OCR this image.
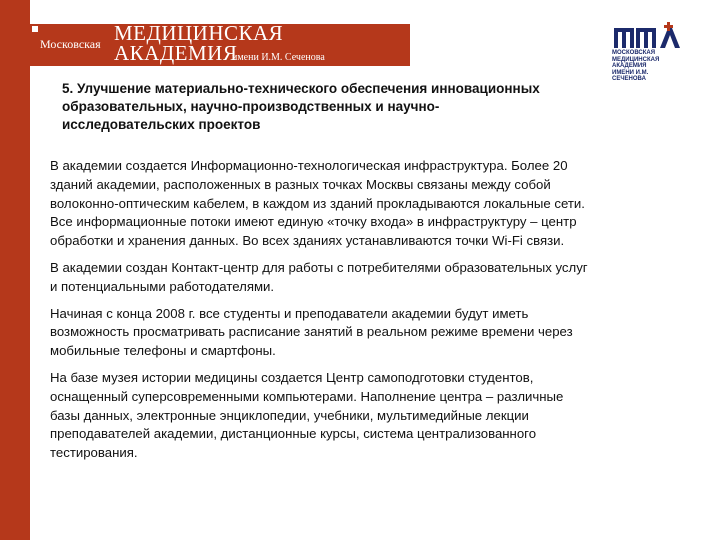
Московская МЕДИЦИНСКАЯ
АКАДЕМИЯ
имени И.М. Сеченова	МОСКОВСКАЯ
МЕДИЦИНСКАЯ
АКАДЕМИЯ
ИМЕНИ И.М. СЕЧЕНОВА
5. Улучшение материально-технического обеспечения инновационных
образовательных, научно-производственных и научно-
исследовательских проектов

В академии создается Информационно-технологическая инфраструктура. Более 20
зданий академии, расположенных в разных точках Москвы связаны между собой
волоконно-оптическим кабелем, в каждом из зданий прокладываются локальные сети.
Все информационные потоки имеют единую «точку входа» в инфраструктуру – центр
обработки и хранения данных. Во всех зданиях устанавливаются точки Wi-Fi связи.

В академии создан Контакт-центр для работы с потребителями образовательных услуг
и потенциальными работодателями.

Начиная с конца 2008 г. все студенты и преподаватели академии будут иметь
возможность просматривать расписание занятий в реальном режиме времени через
мобильные телефоны и смартфоны.

На базе музея истории медицины создается Центр самоподготовки студентов,
оснащенный суперсовременными компьютерами. Наполнение центра – различные
базы данных, электронные энциклопедии, учебники, мультимедийные лекции
преподавателей академии, дистанционные курсы, система централизованного
тестирования.
